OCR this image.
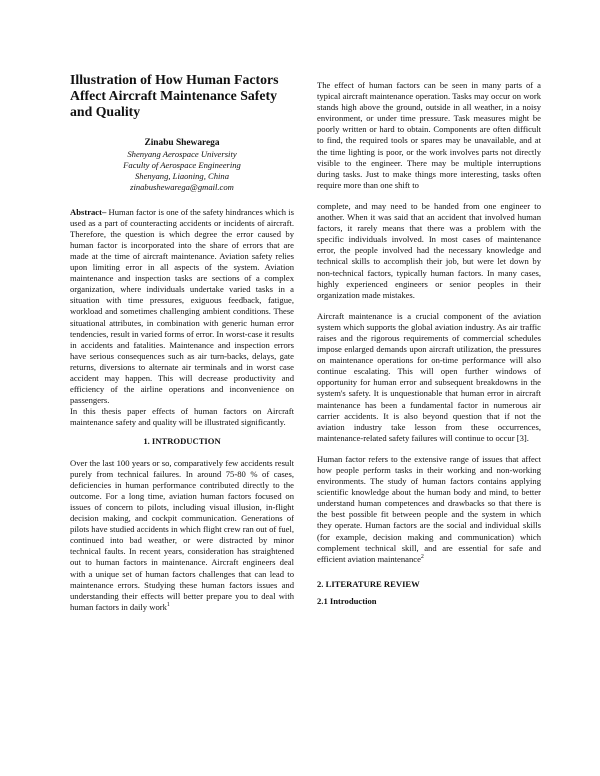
Illustration of How Human Factors Affect Aircraft Maintenance Safety and Quality

Zinabu Shewarega
Shenyang Aerospace University
Faculty of Aerospace Engineering
Shenyang, Liaoning, China
zinabushewarega@gmail.com

Abstract– Human factor is one of the safety hindrances which is used as a part of counteracting accidents or incidents of aircraft. Therefore, the question is which degree the error caused by human factor is incorporated into the share of errors that are made at the time of aircraft maintenance. Aviation safety relies upon limiting error in all aspects of the system. Aviation maintenance and inspection tasks are sections of a complex organization, where individuals undertake varied tasks in a situation with time pressures, exiguous feedback, fatigue, workload and sometimes challenging ambient conditions. These situational attributes, in combination with generic human error tendencies, result in varied forms of error. In worst-case it results in accidents and fatalities. Maintenance and inspection errors have serious consequences such as air turn-backs, delays, gate returns, diversions to alternate air terminals and in worst case accident may happen. This will decrease productivity and efficiency of the airline operations and inconvenience on passengers.

In this thesis paper effects of human factors on Aircraft maintenance safety and quality will be illustrated significantly.

1. INTRODUCTION

Over the last 100 years or so, comparatively few accidents result purely from technical failures. In around 75-80 % of cases, deficiencies in human performance contributed directly to the outcome. For a long time, aviation human factors focused on issues of concern to pilots, including visual illusion, in-flight decision making, and cockpit communication. Generations of pilots have studied accidents in which flight crew ran out of fuel, continued into bad weather, or were distracted by minor technical faults. In recent years, consideration has straightened out to human factors in maintenance. Aircraft engineers deal with a unique set of human factors challenges that can lead to maintenance errors. Studying these human factors issues and understanding their effects will better prepare you to deal with human factors in daily work$^1$

The effect of human factors can be seen in many parts of a typical aircraft maintenance operation. Tasks may occur on work stands high above the ground, outside in all weather, in a noisy environment, or under time pressure. Task measures might be poorly written or hard to obtain. Components are often difficult to find, the required tools or spares may be unavailable, and at the time lighting is poor, or the work involves parts not directly visible to the engineer. There may be multiple interruptions during tasks. Just to make things more interesting, tasks often require more than one shift to

complete, and may need to be handed from one engineer to another. When it was said that an accident that involved human factors, it rarely means that there was a problem with the specific individuals involved. In most cases of maintenance error, the people involved had the necessary knowledge and technical skills to accomplish their job, but were let down by non-technical factors, typically human factors. In many cases, highly experienced engineers or senior peoples in their organization made mistakes.

Aircraft maintenance is a crucial component of the aviation system which supports the global aviation industry. As air traffic raises and the rigorous requirements of commercial schedules impose enlarged demands upon aircraft utilization, the pressures on maintenance operations for on-time performance will also continue escalating. This will open further windows of opportunity for human error and subsequent breakdowns in the system's safety. It is unquestionable that human error in aircraft maintenance has been a fundamental factor in numerous air carrier accidents. It is also beyond question that if not the aviation industry take lesson from these occurrences, maintenance-related safety failures will continue to occur [3].

Human factor refers to the extensive range of issues that affect how people perform tasks in their working and non-working environments. The study of human factors contains applying scientific knowledge about the human body and mind, to better understand human competences and drawbacks so that there is the best possible fit between people and the system in which they operate. Human factors are the social and individual skills (for example, decision making and communication) which complement technical skill, and are essential for safe and efficient aviation maintenance$^2$

2. LITERATURE REVIEW
2.1 Introduction
